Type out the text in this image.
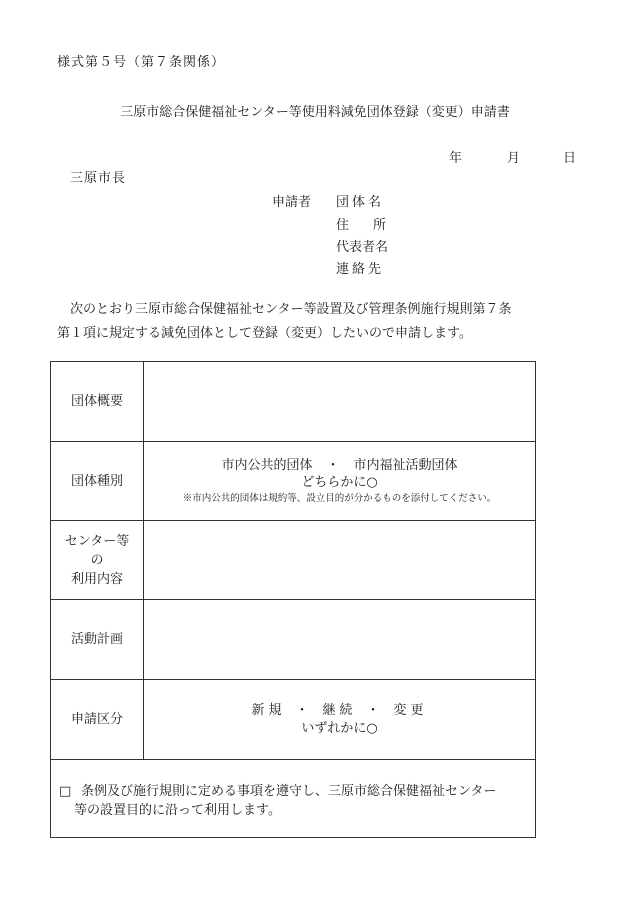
様式第５号（第７条関係）
三原市総合保健福祉センター等使用料減免団体登録（変更）申請書
年	月	日
三原市長
申請者 団体名
住 所
代表者名
連絡先
次のとおり三原市総合保健福祉センター等設置及び管理条例施行規則第７条
第１項に規定する減免団体として登録（変更）したいので申請します。
団体概要
団体種別
市内公共的団体 ・ 市内福祉活動団体
どちらかに○
※市内公共的団体は規約等、設立目的が分かるものを添付してください。
センター等
の
利用内容
活動計画
申請区分
新規 ・ 継続 ・ 変更
いずれかに○
□ 条例及び施行規則に定める事項を遵守し、三原市総合保健福祉センター
等の設置目的に沿って利用します。
